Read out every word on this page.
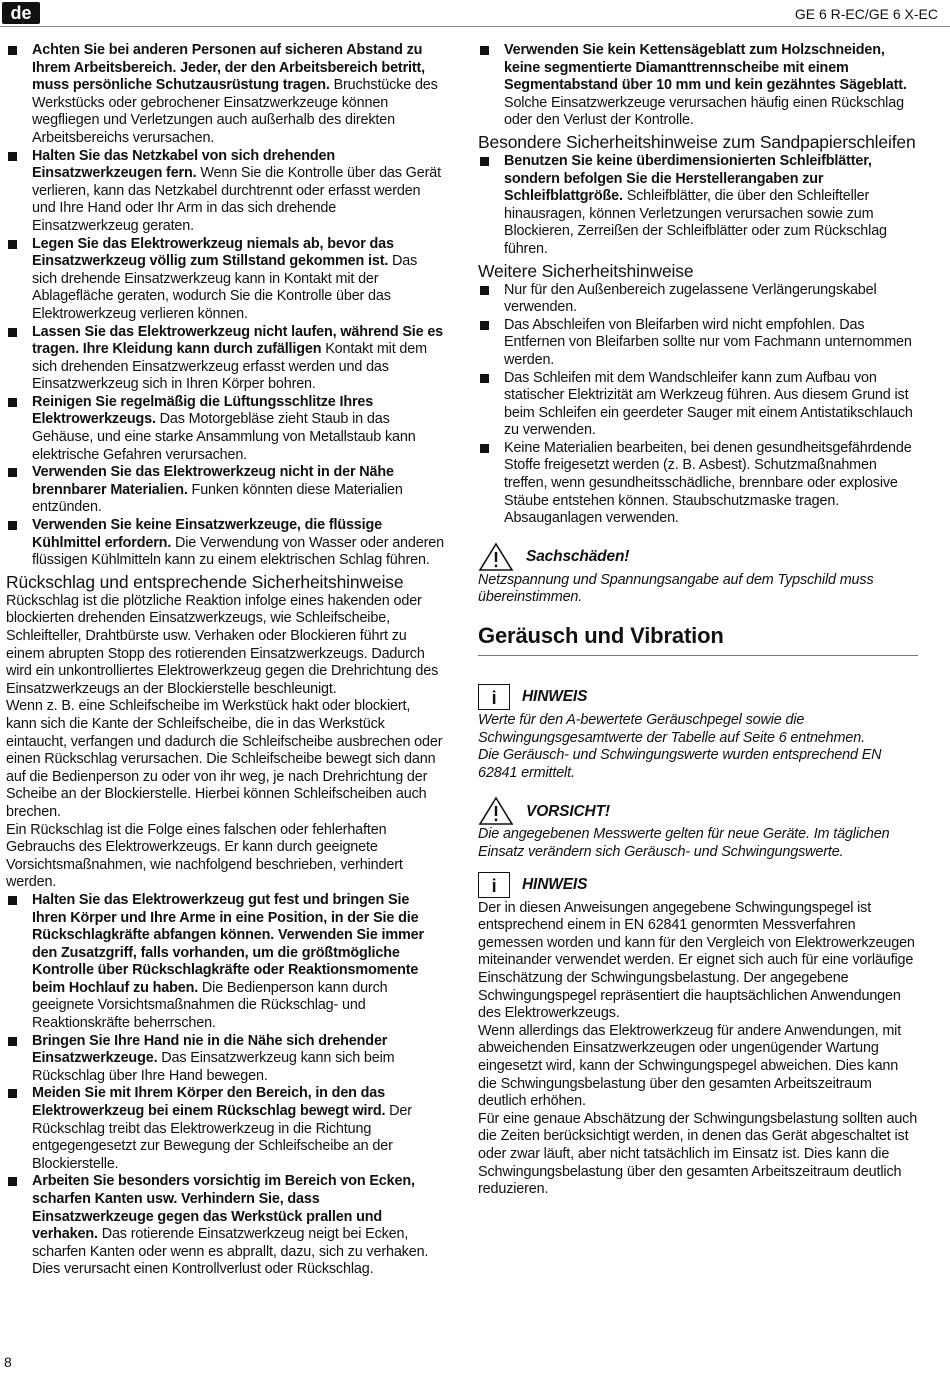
de	GE 6 R-EC/GE 6 X-EC
Achten Sie bei anderen Personen auf sicheren Abstand zu Ihrem Arbeitsbereich. Jeder, der den Arbeitsbereich betritt, muss persönliche Schutzausrüstung tragen. Bruchstücke des Werkstücks oder gebrochener Einsatzwerkzeuge können wegfliegen und Verletzungen auch außerhalb des direkten Arbeitsbereichs verursachen.
Halten Sie das Netzkabel von sich drehenden Einsatzwerkzeugen fern. Wenn Sie die Kontrolle über das Gerät verlieren, kann das Netzkabel durchtrennt oder erfasst werden und Ihre Hand oder Ihr Arm in das sich drehende Einsatzwerkzeug geraten.
Legen Sie das Elektrowerkzeug niemals ab, bevor das Einsatzwerkzeug völlig zum Stillstand gekommen ist. Das sich drehende Einsatzwerkzeug kann in Kontakt mit der Ablagefläche geraten, wodurch Sie die Kontrolle über das Elektrowerkzeug verlieren können.
Lassen Sie das Elektrowerkzeug nicht laufen, während Sie es tragen. Ihre Kleidung kann durch zufälligen Kontakt mit dem sich drehenden Einsatzwerkzeug erfasst werden und das Einsatzwerkzeug sich in Ihren Körper bohren.
Reinigen Sie regelmäßig die Lüftungsschlitze Ihres Elektrowerkzeugs. Das Motorgebläse zieht Staub in das Gehäuse, und eine starke Ansammlung von Metallstaub kann elektrische Gefahren verursachen.
Verwenden Sie das Elektrowerkzeug nicht in der Nähe brennbarer Materialien. Funken könnten diese Materialien entzünden.
Verwenden Sie keine Einsatzwerkzeuge, die flüssige Kühlmittel erfordern. Die Verwendung von Wasser oder anderen flüssigen Kühlmitteln kann zu einem elektrischen Schlag führen.
Rückschlag und entsprechende Sicherheitshinweise

Rückschlag ist die plötzliche Reaktion infolge eines hakenden oder blockierten drehenden Einsatzwerkzeugs, wie Schleifscheibe, Schleifteller, Drahtbürste usw. Verhaken oder Blockieren führt zu einem abrupten Stopp des rotierenden Einsatzwerkzeugs. Dadurch wird ein unkontrolliertes Elektrowerkzeug gegen die Drehrichtung des Einsatzwerkzeugs an der Blockierstelle beschleunigt.

Wenn z. B. eine Schleifscheibe im Werkstück hakt oder blockiert, kann sich die Kante der Schleifscheibe, die in das Werkstück eintaucht, verfangen und dadurch die Schleifscheibe ausbrechen oder einen Rückschlag verursachen. Die Schleifscheibe bewegt sich dann auf die Bedienperson zu oder von ihr weg, je nach Drehrichtung der Scheibe an der Blockierstelle. Hierbei können Schleifscheiben auch brechen.

Ein Rückschlag ist die Folge eines falschen oder fehlerhaften Gebrauchs des Elektrowerkzeugs. Er kann durch geeignete Vorsichtsmaßnahmen, wie nachfolgend beschrieben, verhindert werden.

Halten Sie das Elektrowerkzeug gut fest und bringen Sie Ihren Körper und Ihre Arme in eine Position, in der Sie die Rückschlagkräfte abfangen können. Verwenden Sie immer den Zusatzgriff, falls vorhanden, um die größtmögliche Kontrolle über Rückschlagkräfte oder Reaktionsmomente beim Hochlauf zu haben. Die Bedienperson kann durch geeignete Vorsichtsmaßnahmen die Rückschlag- und Reaktionskräfte beherrschen.
Bringen Sie Ihre Hand nie in die Nähe sich drehender Einsatzwerkzeuge. Das Einsatzwerkzeug kann sich beim Rückschlag über Ihre Hand bewegen.
Meiden Sie mit Ihrem Körper den Bereich, in den das Elektrowerkzeug bei einem Rückschlag bewegt wird. Der Rückschlag treibt das Elektrowerkzeug in die Richtung entgegengesetzt zur Bewegung der Schleifscheibe an der Blockierstelle.
Arbeiten Sie besonders vorsichtig im Bereich von Ecken, scharfen Kanten usw. Verhindern Sie, dass Einsatzwerkzeuge gegen das Werkstück prallen und verhaken. Das rotierende Einsatzwerkzeug neigt bei Ecken, scharfen Kanten oder wenn es abprallt, dazu, sich zu verhaken. Dies verursacht einen Kontrollverlust oder Rückschlag.
Verwenden Sie kein Kettensägeblatt zum Holzschneiden, keine segmentierte Diamanttrennscheibe mit einem Segmentabstand über 10 mm und kein gezähntes Sägeblatt. Solche Einsatzwerkzeuge verursachen häufig einen Rückschlag oder den Verlust der Kontrolle.
Besondere Sicherheitshinweise zum Sandpapierschleifen
Benutzen Sie keine überdimensionierten Schleifblätter, sondern befolgen Sie die Herstellerangaben zur Schleifblattgröße. Schleifblätter, die über den Schleifteller hinausragen, können Verletzungen verursachen sowie zum Blockieren, Zerreißen der Schleifblätter oder zum Rückschlag führen.
Weitere Sicherheitshinweise
Nur für den Außenbereich zugelassene Verlängerungskabel verwenden.
Das Abschleifen von Bleifarben wird nicht empfohlen. Das Entfernen von Bleifarben sollte nur vom Fachmann unternommen werden.
Das Schleifen mit dem Wandschleifer kann zum Aufbau von statischer Elektrizität am Werkzeug führen. Aus diesem Grund ist beim Schleifen ein geerdeter Sauger mit einem Antistatikschlauch zu verwenden.
Keine Materialien bearbeiten, bei denen gesundheitsgefährdende Stoffe freigesetzt werden (z. B. Asbest). Schutzmaßnahmen treffen, wenn gesundheitsschädliche, brennbare oder explosive Stäube entstehen können. Staubschutzmaske tragen. Absauganlagen verwenden.
Sachschäden!

Netzspannung und Spannungsangabe auf dem Typschild muss übereinstimmen.

Geräusch und Vibration
i	HINWEIS

Werte für den A-bewertete Geräuschpegel sowie die Schwingungsgesamtwerte der Tabelle auf Seite 6 entnehmen.

Die Geräusch- und Schwingungswerte wurden entsprechend EN 62841 ermittelt.

VORSICHT!

Die angegebenen Messwerte gelten für neue Geräte. Im täglichen Einsatz verändern sich Geräusch- und Schwingungswerte.

i	HINWEIS

Der in diesen Anweisungen angegebene Schwingungspegel ist entsprechend einem in EN 62841 genormten Messverfahren gemessen worden und kann für den Vergleich von Elektrowerkzeugen miteinander verwendet werden. Er eignet sich auch für eine vorläufige Einschätzung der Schwingungsbelastung. Der angegebene Schwingungspegel repräsentiert die hauptsächlichen Anwendungen des Elektrowerkzeugs.

Wenn allerdings das Elektrowerkzeug für andere Anwendungen, mit abweichenden Einsatzwerkzeugen oder ungenügender Wartung eingesetzt wird, kann der Schwingungspegel abweichen. Dies kann die Schwingungsbelastung über den gesamten Arbeitszeitraum deutlich erhöhen.

Für eine genaue Abschätzung der Schwingungsbelastung sollten auch die Zeiten berücksichtigt werden, in denen das Gerät abgeschaltet ist oder zwar läuft, aber nicht tatsächlich im Einsatz ist. Dies kann die Schwingungsbelastung über den gesamten Arbeitszeitraum deutlich reduzieren.

8
